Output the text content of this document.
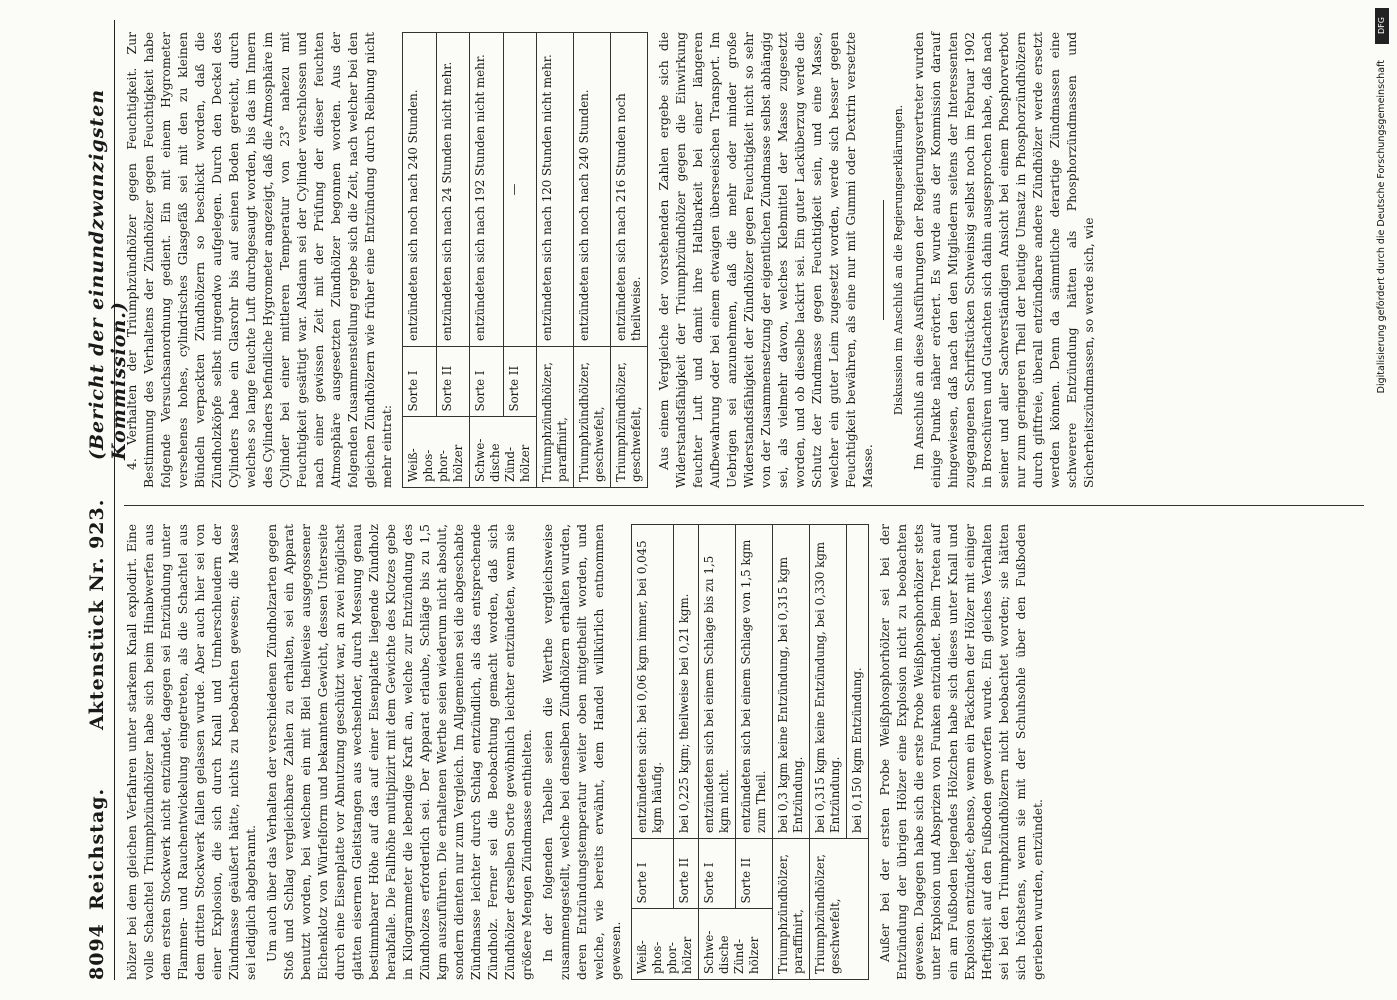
8094
Reichstag.
Aktenstück Nr. 923.
(Bericht der einundzwanzigsten Kommission.)

hölzer bei dem gleichen Verfahren unter starkem Knall explodirt. Eine volle Schachtel Triumphzündhölzer habe sich beim Hinabwerfen aus dem ersten Stockwerk nicht entzündet, dagegen sei Entzündung unter Flammen- und Rauchentwickelung eingetreten, als die Schachtel aus dem dritten Stockwerk fallen gelassen wurde. Aber auch hier sei von einer Explosion, die sich durch Knall und Umherschleudern der Zündmasse geäußert hätte, nichts zu beobachten gewesen; die Masse sei lediglich abgebrannt. Um auch über das Verhalten der verschiedenen Zündholzarten gegen Stoß und Schlag vergleichbare Zahlen zu erhalten, sei ein Apparat benutzt worden, bei welchem ein mit Blei theilweise ausgegossener Eichenklotz von Würfelform und bekanntem Gewicht, dessen Unterseite durch eine Eisenplatte vor Abnutzung geschützt war, an zwei möglichst glatten eisernen Gleitstangen aus wechselnder, durch Messung genau bestimmbarer Höhe auf das auf einer Eisenplatte liegende Zündholz herabfalle. Die Fallhöhe multiplizirt mit dem Gewichte des Klotzes gebe in Kilogrammeter die lebendige Kraft an, welche zur Entzündung des Zündholzes erforderlich sei. Der Apparat erlaube, Schläge bis zu 1,5 kgm auszuführen. Die erhaltenen Werthe seien wiederum nicht absolut, sondern dienten nur zum Vergleich. Im Allgemeinen sei die abgeschabte Zündmasse leichter durch Schlag entzündlich, als das entsprechende Zündholz. Ferner sei die Beobachtung gemacht worden, daß sich Zündhölzer derselben Sorte gewöhnlich leichter entzündeten, wenn sie größere Mengen Zündmasse enthielten. In der folgenden Tabelle seien die Werthe vergleichsweise zusammengestellt, welche bei denselben Zündhölzern erhalten wurden, deren Entzündungstemperatur weiter oben mitgetheilt worden, und welche, wie bereits erwähnt, dem Handel willkürlich entnommen gewesen. Weiß-phos-phor-hölzer	Sorte I	entzündeten sich: bei 0,06 kgm immer, bei 0,045 kgm häufig.
	Sorte II	bei 0,225 kgm; theilweise bei 0,21 kgm.
Schwe-dische Zünd-hölzer	Sorte I	entzündeten sich bei einem Schlage bis zu 1,5 kgm nicht.
	Sorte II	entzündeten sich bei einem Schlage von 1,5 kgm zum Theil.
Triumphzündhölzer, paraffinirt,		bei 0,3 kgm keine Entzündung, bei 0,315 kgm Entzündung.
Triumphzündhölzer, geschwefelt,		bei 0,315 kgm keine Entzündung, bei 0,330 kgm Entzündung.
		bei 0,150 kgm Entzündung. Außer bei der ersten Probe Weißphosphorhölzer sei bei der Entzündung der übrigen Hölzer eine Explosion nicht zu beobachten gewesen. Dagegen habe sich die erste Probe Weißphosphorhölzer stets unter Explosion und Absprizen von Funken entzündet. Beim Treten auf ein am Fußboden liegendes Hölzchen habe sich dieses unter Knall und Explosion entzündet; ebenso, wenn ein Päckchen der Hölzer mit einiger Heftigkeit auf den Fußboden geworfen wurde. Ein gleiches Verhalten sei bei den Triumphzündhölzern nicht beobachtet worden; sie hätten sich höchstens, wenn sie mit der Schuhsohle über den Fußboden gerieben wurden, entzündet.

4. Verhalten der Triumphzündhölzer gegen Feuchtigkeit. Zur Bestimmung des Verhaltens der Zündhölzer gegen Feuchtigkeit habe folgende Versuchsanordnung gedient. Ein mit einem Hygrometer versehenes hohes, cylindrisches Glasgefäß sei mit den zu kleinen Bündeln verpackten Zündhölzern so beschickt worden, daß die Zündholzköpfe selbst nirgendwo aufgelegen. Durch den Deckel des Cylinders habe ein Glasrohr bis auf seinen Boden gereicht, durch welches so lange feuchte Luft durchgesaugt worden, bis das im Innern des Cylinders befindliche Hygrometer angezeigt, daß die Atmosphäre im Cylinder bei einer mittleren Temperatur von 23° nahezu mit Feuchtigkeit gesättigt war. Alsdann sei der Cylinder verschlossen und nach einer gewissen Zeit mit der Prüfung der dieser feuchten Atmosphäre ausgesetzten Zündhölzer begonnen worden. Aus der folgenden Zusammenstellung ergebe sich die Zeit, nach welcher bei den gleichen Zündhölzern wie früher eine Entzündung durch Reibung nicht mehr eintrat: Weiß-phos-phor-hölzer	Sorte I	entzündeten sich noch nach 240 Stunden.
	Sorte II	entzündeten sich nach 24 Stunden nicht mehr.
Schwe-dische Zünd-hölzer	Sorte I	entzündeten sich nach 192 Stunden nicht mehr.
	Sorte II	—
Triumphzündhölzer, paraffinirt,		entzündeten sich nach 120 Stunden nicht mehr.
Triumphzündhölzer, geschwefelt,		entzündeten sich noch nach 240 Stunden.
Triumphzündhölzer, geschwefelt,		entzündeten sich nach 216 Stunden noch theilweise. Aus einem Vergleiche der vorstehenden Zahlen ergebe sich die Widerstandsfähigkeit der Triumphzündhölzer gegen die Einwirkung feuchter Luft und damit ihre Haltbarkeit bei einer längeren Aufbewahrung oder bei einem etwaigen überseeischen Transport. Im Uebrigen sei anzunehmen, daß die mehr oder minder große Widerstandsfähigkeit der Zündhölzer gegen Feuchtigkeit nicht so sehr von der Zusammensetzung der eigentlichen Zündmasse selbst abhängig sei, als vielmehr davon, welches Klebmittel der Masse zugesetzt worden, und ob dieselbe lackirt sei. Ein guter Lacküberzug werde die Schutz der Zündmasse gegen Feuchtigkeit sein, und eine Masse, welcher ein guter Leim zugesetzt worden, werde sich besser gegen Feuchtigkeit bewähren, als eine nur mit Gummi oder Dextrin versetzte Masse.

Diskussion im Anschluß an die Regierungserklärungen. Im Anschluß an diese Ausführungen der Regierungsvertreter wurden einige Punkte näher erörtert. Es wurde aus der Kommission darauf hingewiesen, daß nach den den Mitgliedern seitens der Interessenten zugegangenen Schriftstücken Schweinsig selbst noch im Februar 1902 in Broschüren und Gutachten sich dahin ausgesprochen habe, daß nach seiner und aller Sachverständigen Ansicht bei einem Phosphorverbot nur zum geringeren Theil der heutige Umsatz in Phosphorzündhölzern durch giftfreie, überall entzündbare andere Zündhölzer werde ersetzt werden können. Denn da sämmtliche derartige Zündmassen eine schwerere Entzündung hätten als Phosphorzündmassen und Sicherheitszündmassen, so werde sich, wie

DFG
Digitalisierung gefördert durch die Deutsche Forschungsgemeinschaft
